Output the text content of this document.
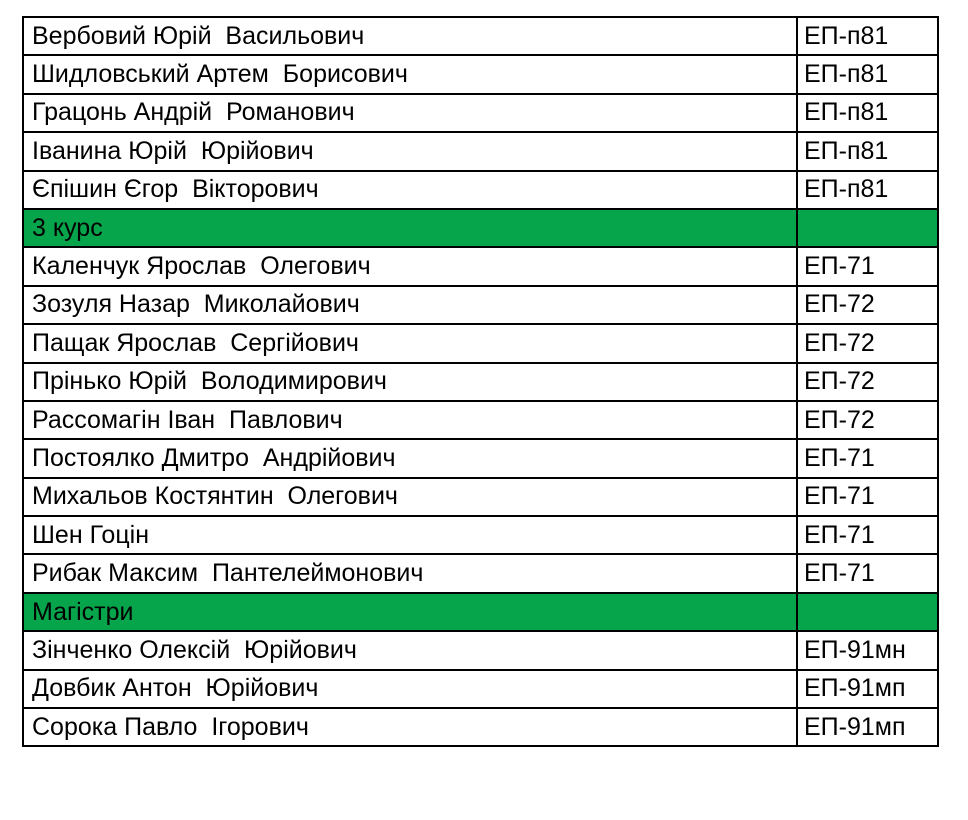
Вербовий Юрій  Васильович	ЕП-п81
Шидловський Артем  Борисович	ЕП-п81
Грацонь Андрій  Романович	ЕП-п81
Іванина Юрій  Юрійович	ЕП-п81
Єпішин Єгор  Вікторович	ЕП-п81
3 курс	
Каленчук Ярослав  Олегович	ЕП-71
Зозуля Назар  Миколайович	ЕП-72
Пащак Ярослав  Сергійович	ЕП-72
Прінько Юрій  Володимирович	ЕП-72
Рассомагін Іван  Павлович	ЕП-72
Постоялко Дмитро  Андрійович	ЕП-71
Михальов Костянтин  Олегович	ЕП-71
Шен Гоцін	ЕП-71
Рибак Максим  Пантелеймонович	ЕП-71
Магістри	
Зінченко Олексій  Юрійович	ЕП-91мн
Довбик Антон  Юрійович	ЕП-91мп
Сорока Павло  Ігорович	ЕП-91мп
